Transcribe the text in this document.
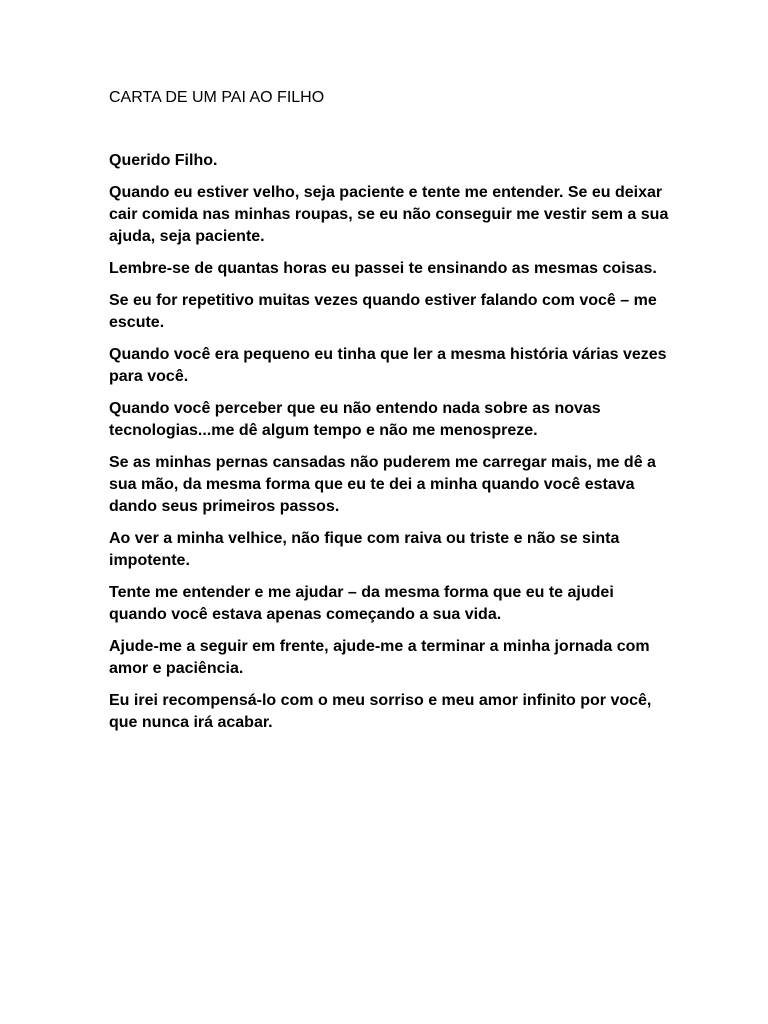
CARTA DE UM PAI AO FILHO

Querido Filho.

Quando eu estiver velho, seja paciente e tente me entender. Se eu deixar cair comida nas minhas roupas, se eu não conseguir me vestir sem a sua ajuda, seja paciente.

Lembre-se de quantas horas eu passei te ensinando as mesmas coisas.

Se eu for repetitivo muitas vezes quando estiver falando com você – me escute.

Quando você era pequeno eu tinha que ler a mesma história várias vezes para você.

Quando você perceber que eu não entendo nada sobre as novas tecnologias...me dê algum tempo e não me menospreze.

Se as minhas pernas cansadas não puderem me carregar mais, me dê a sua mão, da mesma forma que eu te dei a minha quando você estava dando seus primeiros passos.

Ao ver a minha velhice, não fique com raiva ou triste e não se sinta impotente.

Tente me entender e me ajudar – da mesma forma que eu te ajudei quando você estava apenas começando a sua vida.

Ajude-me a seguir em frente, ajude-me a terminar a minha jornada com amor e paciência.

Eu irei recompensá-lo com o meu sorriso e meu amor infinito por você, que nunca irá acabar.
